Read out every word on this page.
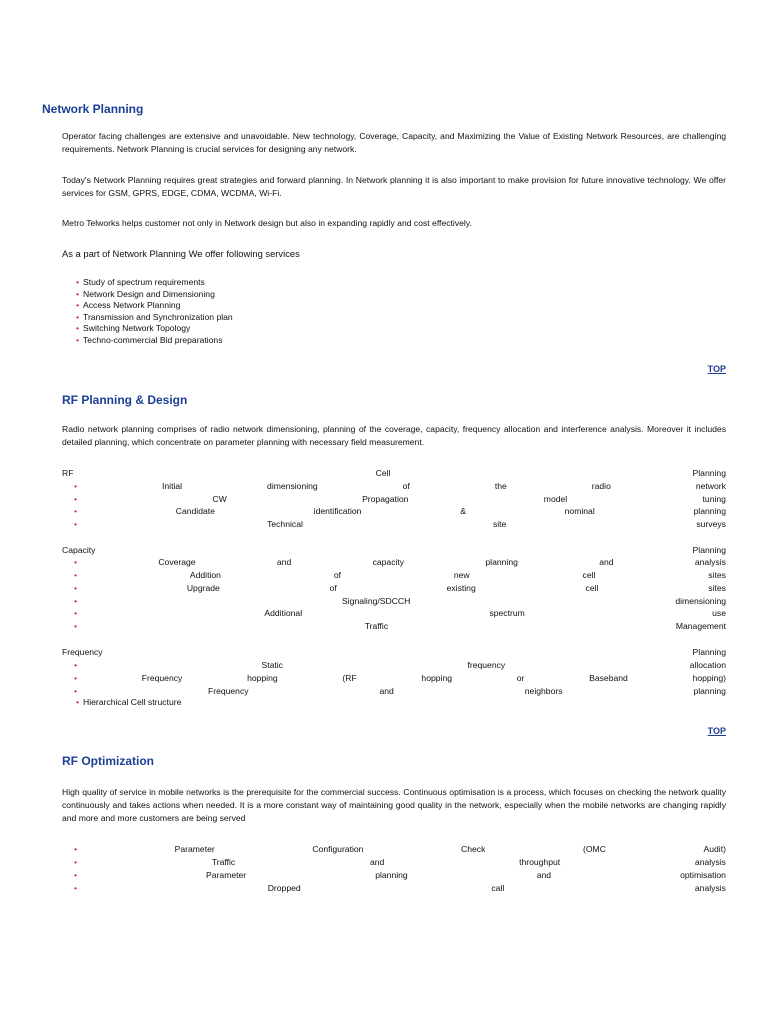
Network Planning
Operator facing challenges are extensive and unavoidable. New technology, Coverage, Capacity, and Maximizing the Value of Existing Network Resources, are challenging requirements. Network Planning is crucial services for designing any network.
Today's Network Planning requires great strategies and forward planning. In Network planning it is also important to make provision for future innovative technology. We offer services for GSM, GPRS, EDGE, CDMA, WCDMA, Wi-Fi.
Metro Telworks helps customer not only in Network design but also in expanding rapidly and cost effectively.
As a part of Network Planning We offer following services
• Study of spectrum requirements
• Network Design and Dimensioning
• Access Network Planning
• Transmission and Synchronization plan
• Switching Network Topology
• Techno-commercial Bid preparations
TOP
RF Planning & Design
Radio network planning comprises of radio network dimensioning, planning of the coverage, capacity, frequency allocation and interference analysis. Moreover it includes detailed planning, which concentrate on parameter planning with necessary field measurement.
RF	Cell	Planning
•	Initial	dimensioning	of	the	radio	network
•	CW	Propagation	model	tuning
•	Candidate	identification	&	nominal	planning
•	Technical	site	surveys
Capacity	Planning
•	Coverage	and	capacity	planning	and	analysis
•	Addition	of	new	cell	sites
•	Upgrade	of	existing	cell	sites
•	Signaling/SDCCH	dimensioning
•	Additional	spectrum	use
•	Traffic	Management
Frequency	Planning
•	Static	frequency	allocation
•	Frequency	hopping	(RF	hopping	or	Baseband	hopping)
•	Frequency	and	neighbors	planning
• Hierarchical Cell structure
TOP
RF Optimization
High quality of service in mobile networks is the prerequisite for the commercial success. Continuous optimisation is a process, which focuses on checking the network quality continuously and takes actions when needed. It is a more constant way of maintaining good quality in the network, especially when the mobile networks are changing rapidly and more and more customers are being served
•	Parameter	Configuration	Check	(OMC	Audit)
•	Traffic	and	throughput	analysis
•	Parameter	planning	and	optimisation
•	Dropped	call	analysis
